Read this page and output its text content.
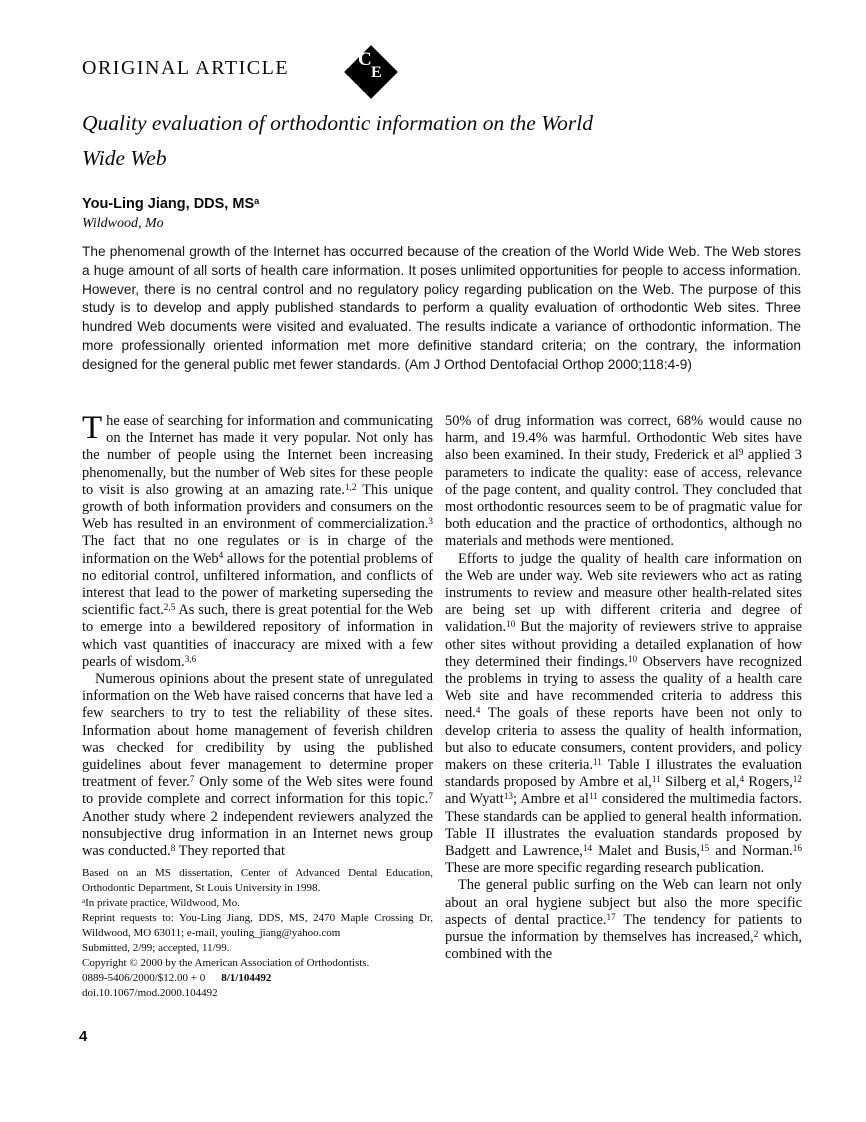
ORIGINAL ARTICLE	C
E
Quality evaluation of orthodontic information on the World Wide Web
You-Ling Jiang, DDS, $MS^a$
Wildwood, Mo

The phenomenal growth of the Internet has occurred because of the creation of the World Wide Web. The Web stores a huge amount of all sorts of health care information. It poses unlimited opportunities for people to access information. However, there is no central control and no regulatory policy regarding publication on the Web. The purpose of this study is to develop and apply published standards to perform a quality evaluation of orthodontic Web sites. Three hundred Web documents were visited and evaluated. The results indicate a variance of orthodontic information. The more professionally oriented information met more definitive standard criteria; on the contrary, the information designed for the general public met fewer standards. (Am J Orthod Dentofacial Orthop 2000;118:4-9)

The ease of searching for information and communicating on the Internet has made it very popular. Not only has the number of people using the Internet been increasing phenomenally, but the number of Web sites for these people to visit is also growing at an amazing rate.$^{1,2}$ This unique growth of both information providers and consumers on the Web has resulted in an environment of commercialization.$^3$ The fact that no one regulates or is in charge of the information on the Web$^4$ allows for the potential problems of no editorial control, unfiltered information, and conflicts of interest that lead to the power of marketing superseding the scientific fact.$^{2,5}$ As such, there is great potential for the Web to emerge into a bewildered repository of information in which vast quantities of inaccuracy are mixed with a few pearls of wisdom.$^{3,6}$

Numerous opinions about the present state of unregulated information on the Web have raised concerns that have led a few searchers to try to test the reliability of these sites. Information about home management of feverish children was checked for credibility by using the published guidelines about fever management to determine proper treatment of fever.$^7$ Only some of the Web sites were found to provide complete and correct information for this topic.$^7$ Another study where 2 independent reviewers analyzed the nonsubjective drug information in an Internet news group was conducted.$^8$ They reported that

Based on an MS dissertation, Center of Advanced Dental Education, Orthodontic Department, St Louis University in 1998.
$^a$In private practice, Wildwood, Mo.
Reprint requests to: You-Ling Jiang, DDS, MS, 2470 Maple Crossing Dr, Wildwood, MO 63011; e-mail, youling_jiang@yahoo.com
Submitted, 2/99; accepted, 11/99.
Copyright © 2000 by the American Association of Orthodontists.
0889-5406/2000/$12.00 + 0 8/1/104492
doi.10.1067/mod.2000.104492

50% of drug information was correct, 68% would cause no harm, and 19.4% was harmful. Orthodontic Web sites have also been examined. In their study, Frederick et $al^9$ applied 3 parameters to indicate the quality: ease of access, relevance of the page content, and quality control. They concluded that most orthodontic resources seem to be of pragmatic value for both education and the practice of orthodontics, although no materials and methods were mentioned.

Efforts to judge the quality of health care information on the Web are under way. Web site reviewers who act as rating instruments to review and measure other health-related sites are being set up with different criteria and degree of validation.$^{10}$ But the majority of reviewers strive to appraise other sites without providing a detailed explanation of how they determined their findings.$^{10}$ Observers have recognized the problems in trying to assess the quality of a health care Web site and have recommended criteria to address this need.$^4$ The goals of these reports have been not only to develop criteria to assess the quality of health information, but also to educate consumers, content providers, and policy makers on these criteria.$^{11}$ Table I illustrates the evaluation standards proposed by Ambre et al,$^{11}$ Silberg et al,$^4$ Rogers,$^{12}$ and Wyatt$^{13}$; Ambre et $al^{11}$ considered the multimedia factors. These standards can be applied to general health information. Table II illustrates the evaluation standards proposed by Badgett and Lawrence,$^{14}$ Malet and Busis,$^{15}$ and Norman.$^{16}$ These are more specific regarding research publication.

The general public surfing on the Web can learn not only about an oral hygiene subject but also the more specific aspects of dental practice.$^{17}$ The tendency for patients to pursue the information by themselves has increased,$^2$ which, combined with the

4
